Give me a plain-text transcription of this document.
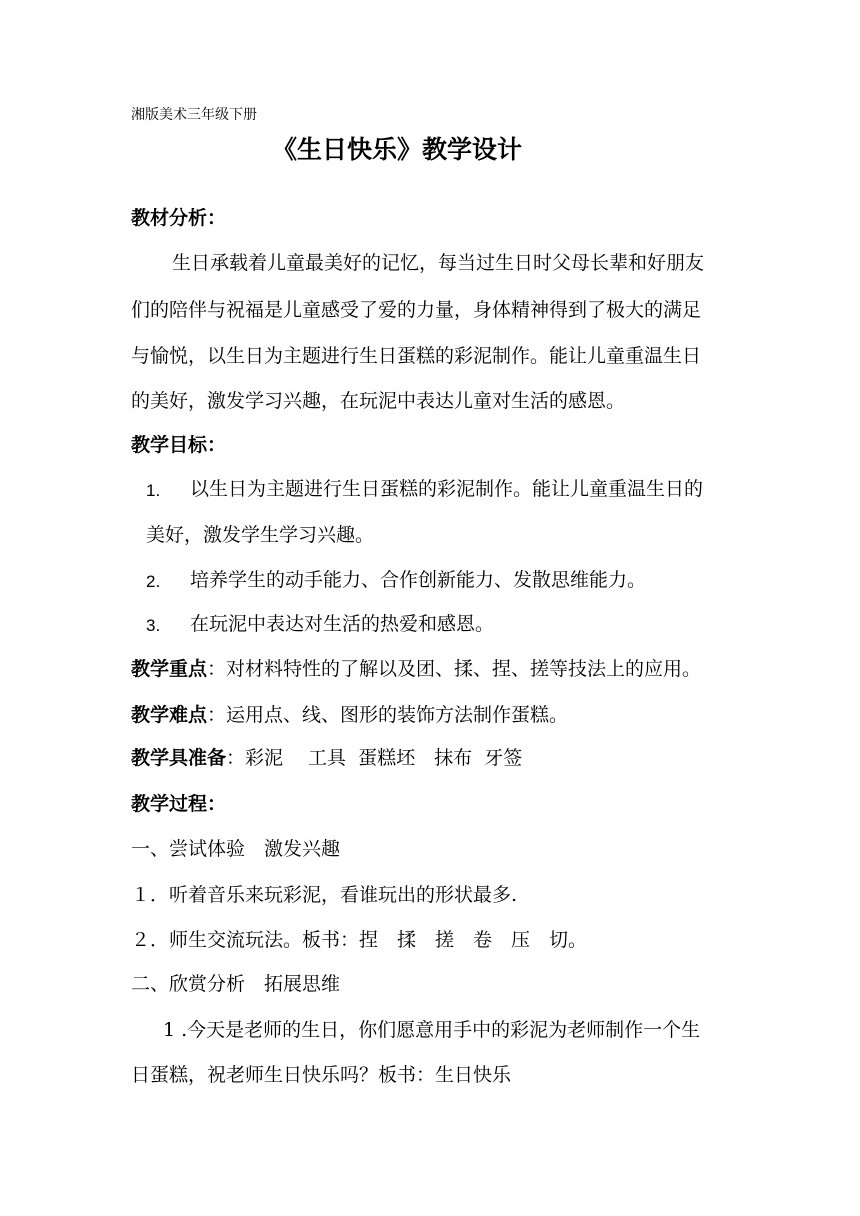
湘版美术三年级下册
《生日快乐》教学设计
教材分析：
生日承载着儿童最美好的记忆，每当过生日时父母长辈和好朋友
们的陪伴与祝福是儿童感受了爱的力量，身体精神得到了极大的满足
与愉悦，以生日为主题进行生日蛋糕的彩泥制作。能让儿童重温生日
的美好，激发学习兴趣，在玩泥中表达儿童对生活的感恩。
教学目标：
1. 以生日为主题进行生日蛋糕的彩泥制作。能让儿童重温生日的
美好，激发学生学习兴趣。
2. 培养学生的动手能力、合作创新能力、发散思维能力。
3. 在玩泥中表达对生活的热爱和感恩。
教学重点：对材料特性的了解以及团、揉、捏、搓等技法上的应用。
教学难点：运用点、线、图形的装饰方法制作蛋糕。
教学具准备：彩泥　 工具  蛋糕坯　抹布  牙签
教学过程：
一、尝试体验　激发兴趣
１．听着音乐来玩彩泥，看谁玩出的形状最多.
２．师生交流玩法。板书：捏　揉　搓　卷　压　切。
二、欣赏分析　拓展思维
1 .今天是老师的生日，你们愿意用手中的彩泥为老师制作一个生
日蛋糕，祝老师生日快乐吗？板书：生日快乐
